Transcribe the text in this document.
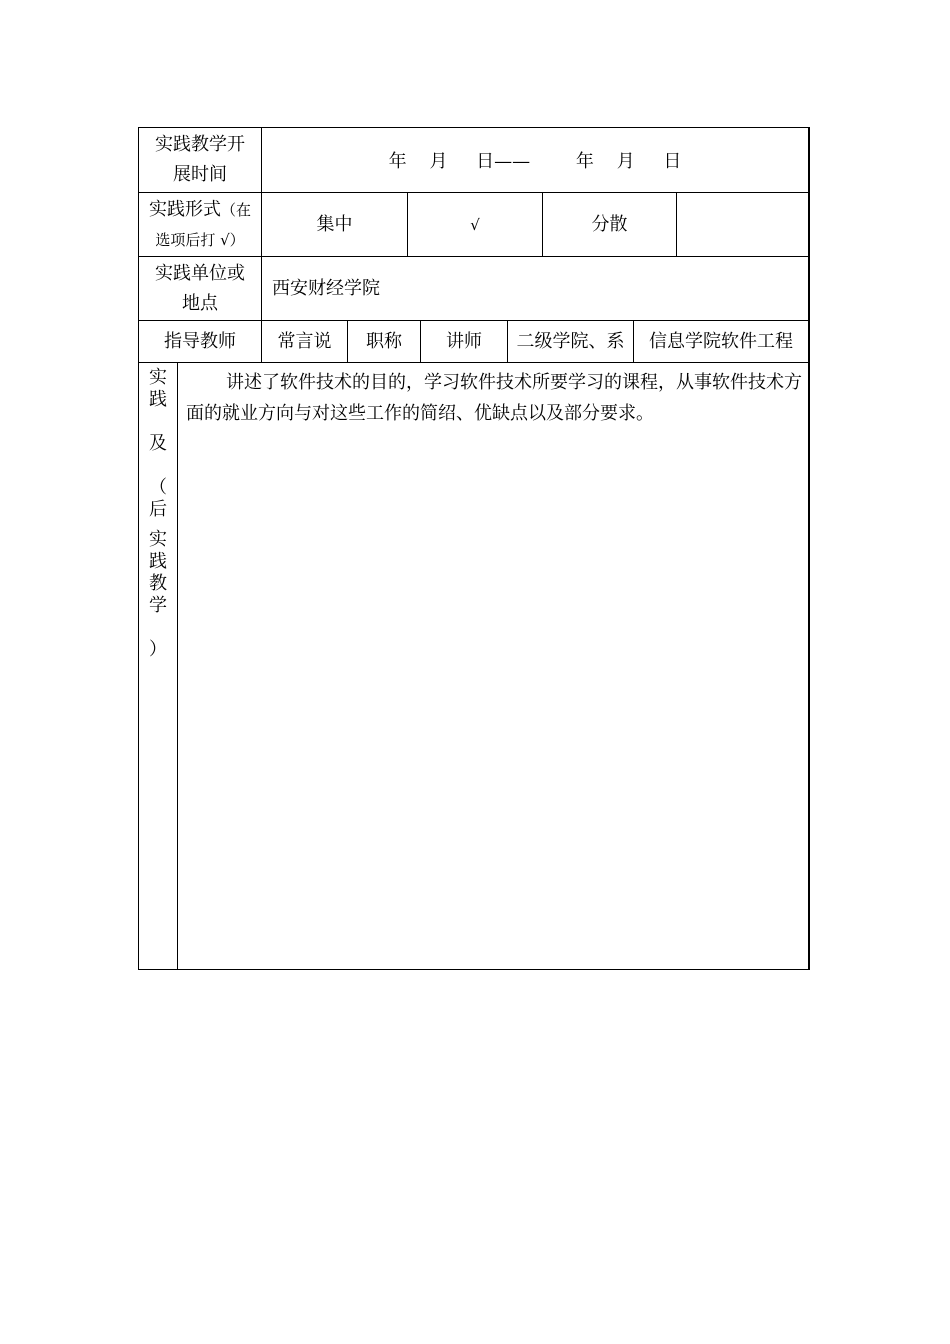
实践教学开
展时间
年    月     日——        年    月     日
实践形式（在
选项后打 √）
集中	√	分散
实践单位或
地点
西安财经学院
指导教师 常言说 职称 讲师 二级学院、系 信息学院软件工程
实
践
及
（
后
实
践
教
学
）
讲述了软件技术的目的，学习软件技术所要学习的课程，从事软件技术方面的就业方向与对这些工作的简绍、优缺点以及部分要求。
